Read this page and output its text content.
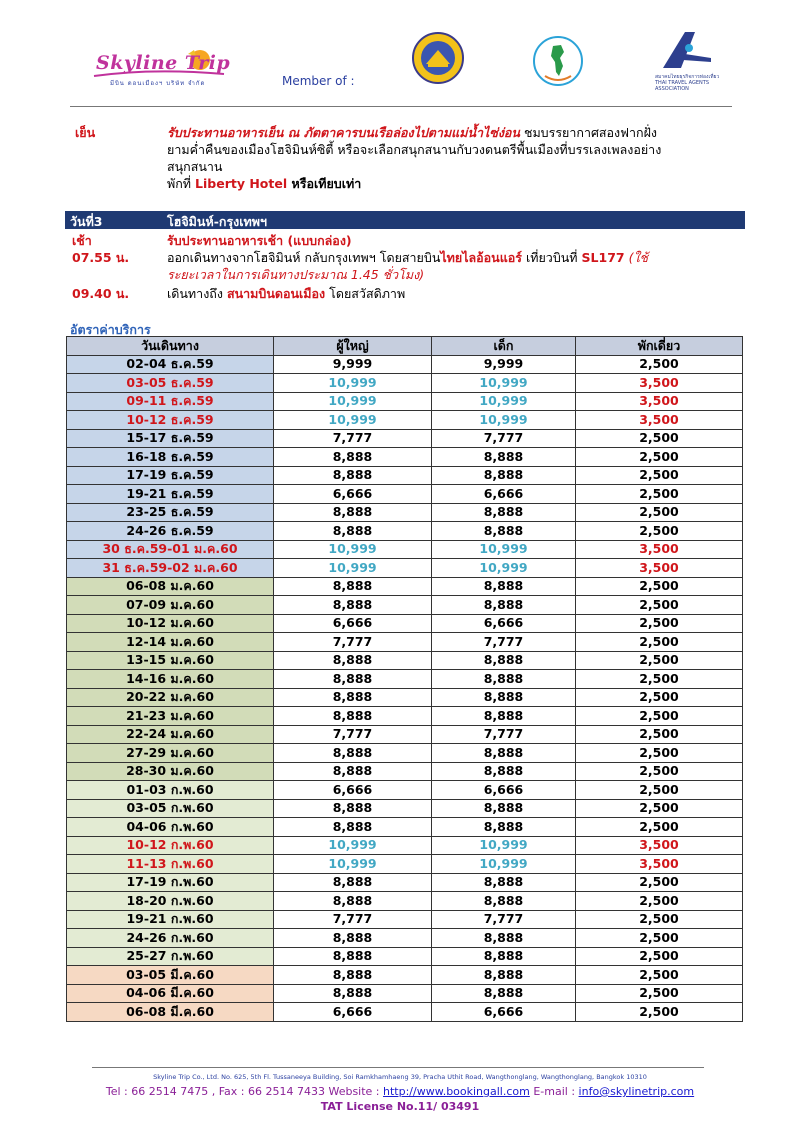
Skyline Trip
มีบิน ดอนเมืองฯ บริษัท จำกัด	Member of :	สมาคมไทยธุรกิจการท่องเที่ยว
THAI TRAVEL AGENTS ASSOCIATION
เย็น	รับประทานอาหารเย็น ณ ภัตตาคารบนเรือล่องไปตามแม่น้ำไซ่ง่อน ชมบรรยากาศสองฟากฝั่ง
ยามค่ำคืนของเมืองโฮจิมินห์ซิตี้ หรือจะเลือกสนุกสนานกับวงดนตรีพื้นเมืองที่บรรเลงเพลงอย่าง
สนุกสนาน
พักที่ Liberty Hotel หรือเทียบเท่า
วันที่3	โฮจิมินห์-กรุงเทพฯ
เช้า	รับประทานอาหารเช้า (แบบกล่อง)
07.55 น.	ออกเดินทางจากโฮจิมินห์ กลับกรุงเทพฯ โดยสายบินไทยไลอ้อนแอร์ เที่ยวบินที่ SL177 (ใช้
ระยะเวลาในการเดินทางประมาณ 1.45 ชั่วโมง)
09.40 น.	เดินทางถึง สนามบินดอนเมือง โดยสวัสดิภาพ
อัตราค่าบริการ
วันเดินทาง	ผู้ใหญ่	เด็ก	พักเดี่ยว
02-04 ธ.ค.59	9,999	9,999	2,500
03-05 ธ.ค.59	10,999	10,999	3,500
09-11 ธ.ค.59	10,999	10,999	3,500
10-12 ธ.ค.59	10,999	10,999	3,500
15-17 ธ.ค.59	7,777	7,777	2,500
16-18 ธ.ค.59	8,888	8,888	2,500
17-19 ธ.ค.59	8,888	8,888	2,500
19-21 ธ.ค.59	6,666	6,666	2,500
23-25 ธ.ค.59	8,888	8,888	2,500
24-26 ธ.ค.59	8,888	8,888	2,500
30 ธ.ค.59-01 ม.ค.60	10,999	10,999	3,500
31 ธ.ค.59-02 ม.ค.60	10,999	10,999	3,500
06-08 ม.ค.60	8,888	8,888	2,500
07-09 ม.ค.60	8,888	8,888	2,500
10-12 ม.ค.60	6,666	6,666	2,500
12-14 ม.ค.60	7,777	7,777	2,500
13-15 ม.ค.60	8,888	8,888	2,500
14-16 ม.ค.60	8,888	8,888	2,500
20-22 ม.ค.60	8,888	8,888	2,500
21-23 ม.ค.60	8,888	8,888	2,500
22-24 ม.ค.60	7,777	7,777	2,500
27-29 ม.ค.60	8,888	8,888	2,500
28-30 ม.ค.60	8,888	8,888	2,500
01-03 ก.พ.60	6,666	6,666	2,500
03-05 ก.พ.60	8,888	8,888	2,500
04-06 ก.พ.60	8,888	8,888	2,500
10-12 ก.พ.60	10,999	10,999	3,500
11-13 ก.พ.60	10,999	10,999	3,500
17-19 ก.พ.60	8,888	8,888	2,500
18-20 ก.พ.60	8,888	8,888	2,500
19-21 ก.พ.60	7,777	7,777	2,500
24-26 ก.พ.60	8,888	8,888	2,500
25-27 ก.พ.60	8,888	8,888	2,500
03-05 มี.ค.60	8,888	8,888	2,500
04-06 มี.ค.60	8,888	8,888	2,500
06-08 มี.ค.60	6,666	6,666	2,500
Skyline Trip Co., Ltd. No. 625, 5th Fl. Tussaneeya Building, Soi Ramkhamhaeng 39, Pracha Uthit Road, Wangthonglang, Wangthonglang, Bangkok 10310
Tel : 66 2514 7475 , Fax : 66 2514 7433 Website : http://www.bookingall.com E-mail : info@skylinetrip.com
TAT License No.11/ 03491
